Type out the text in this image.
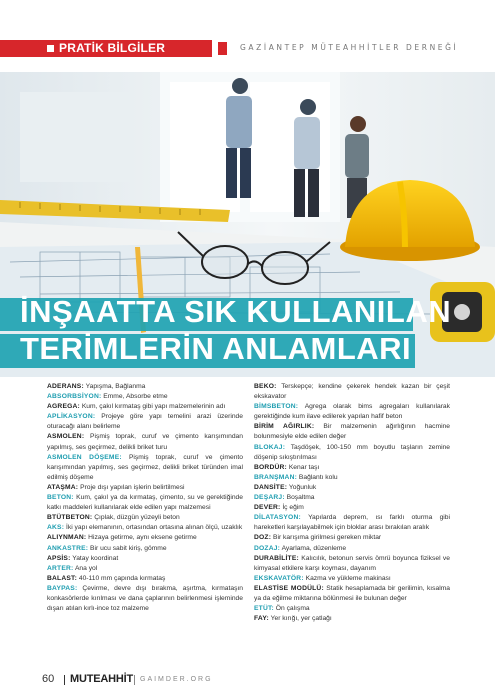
PRATİK BİLGİLER	GAZİANTEP MÜTEAHHİTLER DERNEĞİ
İNŞAATTA SIK KULLANILAN
TERİMLERİN ANLAMLARI

ADERANS: Yapışma, Bağlanma

ABSORBSİYON: Emme, Absorbe etme

AGREGA: Kum, çakıl kırmataş gibi yapı malzemelerinin adı

APLİKASYON: Projeye göre yapı temelini arazi üzerinde oturacağı alanı belirleme

ASMOLEN: Pişmiş toprak, curuf ve çimento karışımından yapılmış, ses geçirmez, delikli briket turu

ASMOLEN DÖŞEME: Pişmiş toprak, curuf ve çimento karışımından yapılmış, ses geçirmez, delikli briket türünden imal edilmiş döşeme

ATAŞMA: Proje dışı yapılan işlerin belirtilmesi

BETON: Kum, çakıl ya da kırmataş, çimento, su ve gerektiğinde katkı maddeleri kullanılarak elde edilen yapı malzemesi

BTÜTBETON: Çıplak, düzgün yüzeyli beton

AKS: İki yapı elemanının, ortasından ortasına alınan ölçü, uzaklık

ALIYNMAN: Hizaya getirme, aynı eksene getirme

ANKASTRE: Bir ucu sabit kiriş, gömme

APSİS: Yatay koordinat

ARTER: Ana yol

BALAST: 40-110 mm çapında kırmataş

BAYPAS: Çevirme, devre dışı bırakma, aşırtma, kırmataşın konkasörlerde kırılması ve dana çaplarının belirlenmesi işleminde dışarı atılan kırlı-ince toz malzeme

BEKO: Terskepçe; kendine çekerek hendek kazan bir çeşit ekskavator

BİMSBETON: Agrega olarak bims agregaları kullanılarak gerektiğinde kum ilave edilerek yapılan hafif beton

BİRİM AĞIRLIK: Bir malzemenin ağırlığının hacmine bolunmesiyle elde edilen değer

BLOKAJ: Taşdöşek, 100-150 mm boyutlu taşların zemine döşenip sıkıştırılması

BORDÜR: Kenar taşı

BRANŞMAN: Bağlantı kolu

DANSİTE: Yoğunluk

DEŞARJ: Boşaltma

DEVER: İç eğim

DİLATASYON: Yapılarda deprem, ısı farklı oturma gibi hareketleri karşılayabilmek için bloklar arası bırakılan aralık

DOZ: Bir karışıma girilmesi gereken miktar

DOZAJ: Ayarlama, düzenleme

DURABİLİTE: Kalıcılık, betonun servis ömrü boyunca fiziksel ve kimyasal etkilere karşı koyması, dayanım

EKSKAVATÖR: Kazma ve yükleme makinası

ELASTİSE MODÜLÜ: Statik hesaplamada bir gerilimin, kısalma ya da eğilme miktarına bölünmesi ile bulunan değer

ETÜT: Ön çalışma

FAY: Yer kırığı, yer çatlağı

60 MUTEAHHİT GAIMDER.ORG
